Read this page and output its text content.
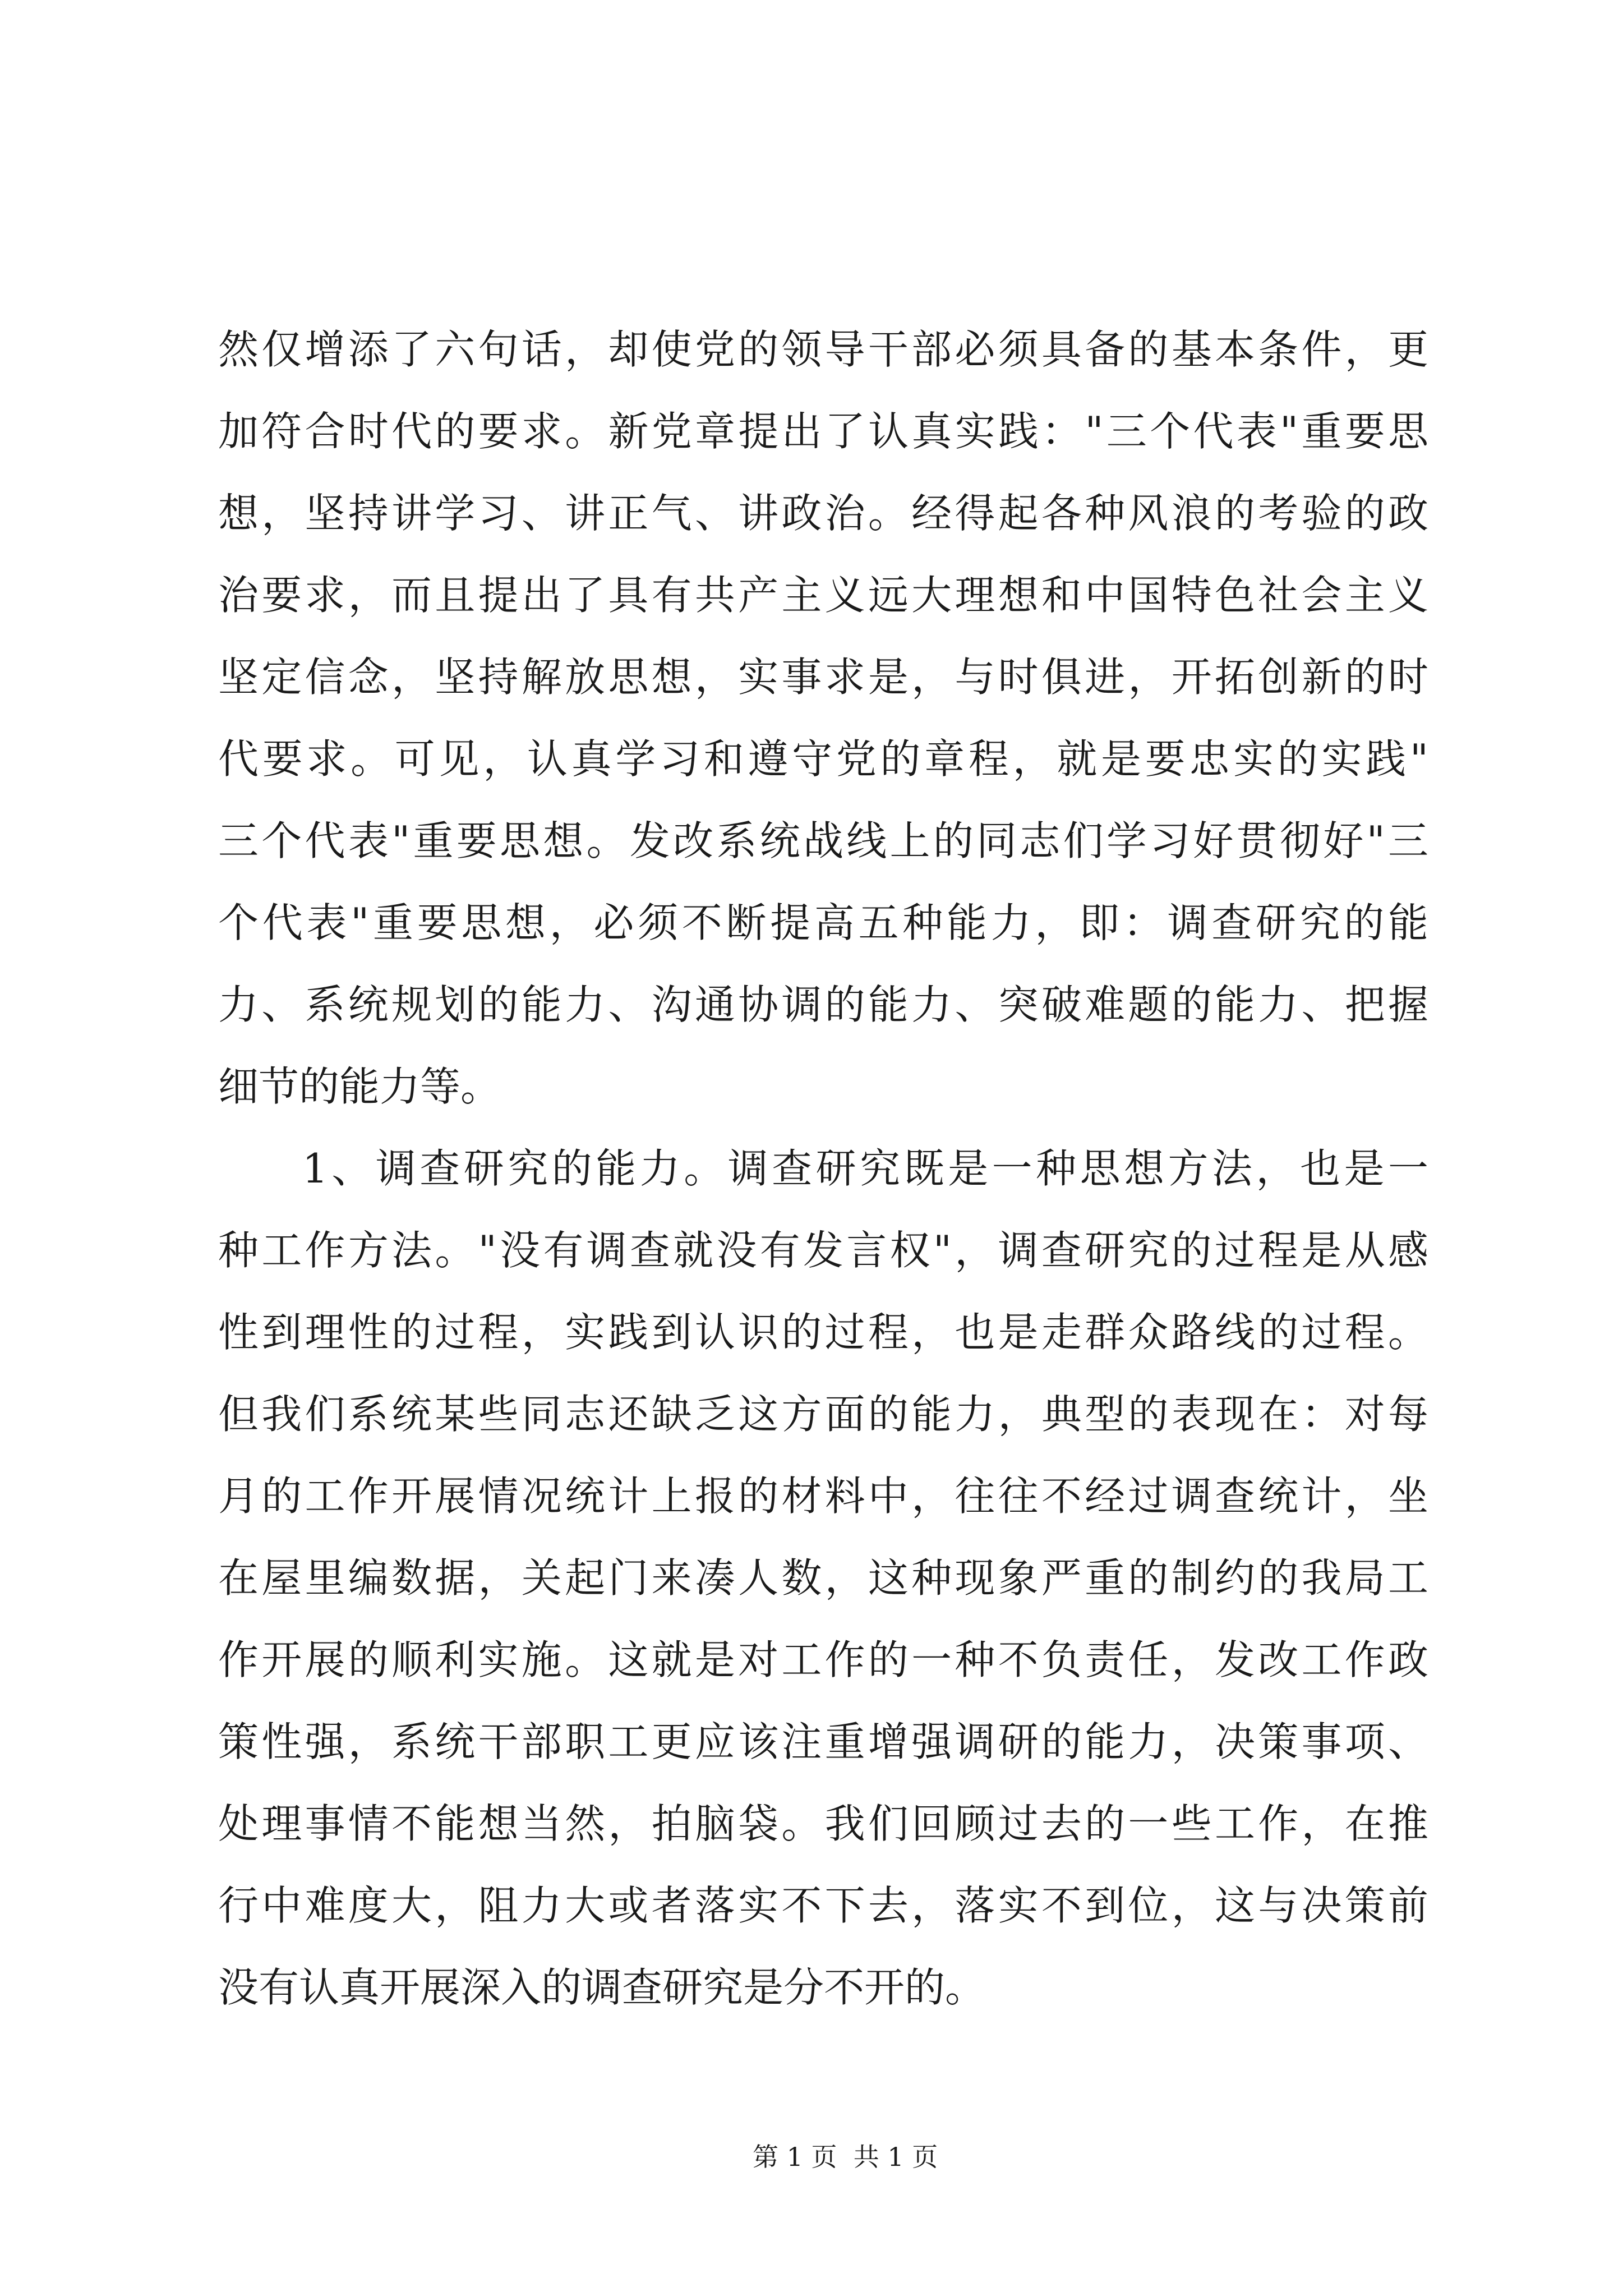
然仅增添了六句话，却使党的领导干部必须具备的基本条件，更
加符合时代的要求。新党章提出了认真实践："三个代表"重要思
想，坚持讲学习、讲正气、讲政治。经得起各种风浪的考验的政
治要求，而且提出了具有共产主义远大理想和中国特色社会主义
坚定信念，坚持解放思想，实事求是，与时俱进，开拓创新的时
代要求。可见，认真学习和遵守党的章程，就是要忠实的实践"
三个代表"重要思想。发改系统战线上的同志们学习好贯彻好"三
个代表"重要思想，必须不断提高五种能力，即：调查研究的能
力、系统规划的能力、沟通协调的能力、突破难题的能力、把握
细节的能力等。
1、调查研究的能力。调查研究既是一种思想方法，也是一
种工作方法。"没有调查就没有发言权"，调查研究的过程是从感
性到理性的过程，实践到认识的过程，也是走群众路线的过程。
但我们系统某些同志还缺乏这方面的能力，典型的表现在：对每
月的工作开展情况统计上报的材料中，往往不经过调查统计，坐
在屋里编数据，关起门来凑人数，这种现象严重的制约的我局工
作开展的顺利实施。这就是对工作的一种不负责任，发改工作政
策性强，系统干部职工更应该注重增强调研的能力，决策事项、
处理事情不能想当然，拍脑袋。我们回顾过去的一些工作，在推
行中难度大，阻力大或者落实不下去，落实不到位，这与决策前
没有认真开展深入的调查研究是分不开的。
第 1 页  共 1 页
